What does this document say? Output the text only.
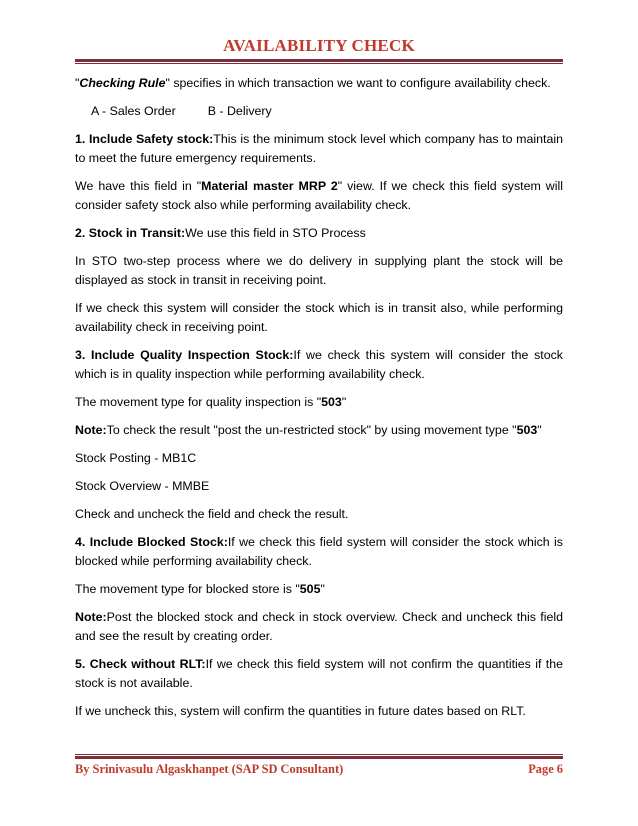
AVAILABILITY CHECK

"Checking Rule" specifies in which transaction we want to configure availability check.

A - Sales Order	B - Delivery

1. Include Safety stock:This is the minimum stock level which company has to maintain to meet the future emergency requirements.

We have this field in "Material master MRP 2" view. If we check this field system will consider safety stock also while performing availability check.

2. Stock in Transit:We use this field in STO Process

In STO two-step process where we do delivery in supplying plant the stock will be displayed as stock in transit in receiving point.

If we check this system will consider the stock which is in transit also, while performing availability check in receiving point.

3. Include Quality Inspection Stock:If we check this system will consider the stock which is in quality inspection while performing availability check.

The movement type for quality inspection is "503"

Note:To check the result "post the un-restricted stock" by using movement type "503"

Stock Posting - MB1C

Stock Overview - MMBE

Check and uncheck the field and check the result.

4. Include Blocked Stock:If we check this field system will consider the stock which is blocked while performing availability check.

The movement type for blocked store is "505"

Note:Post the blocked stock and check in stock overview. Check and uncheck this field and see the result by creating order.

5. Check without RLT:If we check this field system will not confirm the quantities if the stock is not available.

If we uncheck this, system will confirm the quantities in future dates based on RLT.

By Srinivasulu Algaskhanpet (SAP SD Consultant)	Page 6
